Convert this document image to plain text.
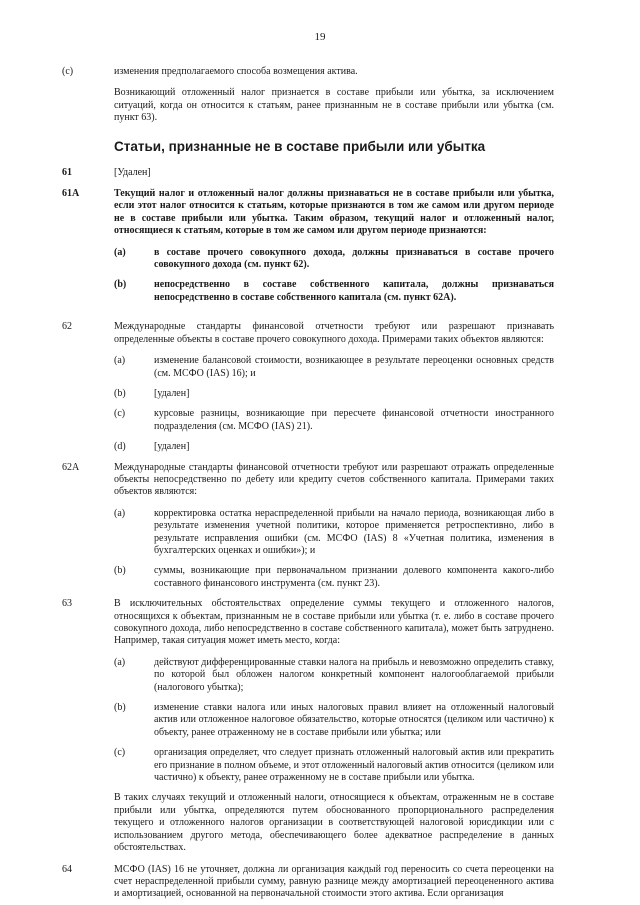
19
(c)	изменения предполагаемого способа возмещения актива.

Возникающий отложенный налог признается в составе прибыли или убытка, за исключением ситуаций, когда он относится к статьям, ранее признанным не в составе прибыли или убытка (см. пункт 63).

Статьи, признанные не в составе прибыли или убытка
61	[Удален]
61A	Текущий налог и отложенный налог должны признаваться не в составе прибыли или убытка, если этот налог относится к статьям, которые признаются в том же самом или другом периоде не в составе прибыли или убытка. Таким образом, текущий налог и отложенный налог, относящиеся к статьям, которые в том же самом или другом периоде признаются:

(a)	в составе прочего совокупного дохода, должны признаваться в составе прочего совокупного дохода (см. пункт 62).
(b)	непосредственно в составе собственного капитала, должны признаваться непосредственно в составе собственного капитала (см. пункт 62A).
62	Международные стандарты финансовой отчетности требуют или разрешают признавать определенные объекты в составе прочего совокупного дохода. Примерами таких объектов являются:

(a)	изменение балансовой стоимости, возникающее в результате переоценки основных средств (см. МСФО (IAS) 16); и
(b)	[удален]
(c)	курсовые разницы, возникающие при пересчете финансовой отчетности иностранного подразделения (см. МСФО (IAS) 21).
(d)	[удален]
62A	Международные стандарты финансовой отчетности требуют или разрешают отражать определенные объекты непосредственно по дебету или кредиту счетов собственного капитала. Примерами таких объектов являются:

(a)	корректировка остатка нераспределенной прибыли на начало периода, возникающая либо в результате изменения учетной политики, которое применяется ретроспективно, либо в результате исправления ошибки (см. МСФО (IAS) 8 «Учетная политика, изменения в бухгалтерских оценках и ошибки»); и
(b)	суммы, возникающие при первоначальном признании долевого компонента какого-либо составного финансового инструмента (см. пункт 23).
63	В исключительных обстоятельствах определение суммы текущего и отложенного налогов, относящихся к объектам, признанным не в составе прибыли или убытка (т. е. либо в составе прочего совокупного дохода, либо непосредственно в составе собственного капитала), может быть затруднено. Например, такая ситуация может иметь место, когда:

(a)	действуют дифференцированные ставки налога на прибыль и невозможно определить ставку, по которой был обложен налогом конкретный компонент налогооблагаемой прибыли (налогового убытка);
(b)	изменение ставки налога или иных налоговых правил влияет на отложенный налоговый актив или отложенное налоговое обязательство, которые относятся (целиком или частично) к объекту, ранее отраженному не в составе прибыли или убытка; или
(c)	организация определяет, что следует признать отложенный налоговый актив или прекратить его признание в полном объеме, и этот отложенный налоговый актив относится (целиком или частично) к объекту, ранее отраженному не в составе прибыли или убытка.

В таких случаях текущий и отложенный налоги, относящиеся к объектам, отраженным не в составе прибыли или убытка, определяются путем обоснованного пропорционального распределения текущего и отложенного налогов организации в соответствующей налоговой юрисдикции или с использованием другого метода, обеспечивающего более адекватное распределение в данных обстоятельствах.

64	МСФО (IAS) 16 не уточняет, должна ли организация каждый год переносить со счета переоценки на счет нераспределенной прибыли сумму, равную разнице между амортизацией переоцененного актива и амортизацией, основанной на первоначальной стоимости этого актива. Если организация
